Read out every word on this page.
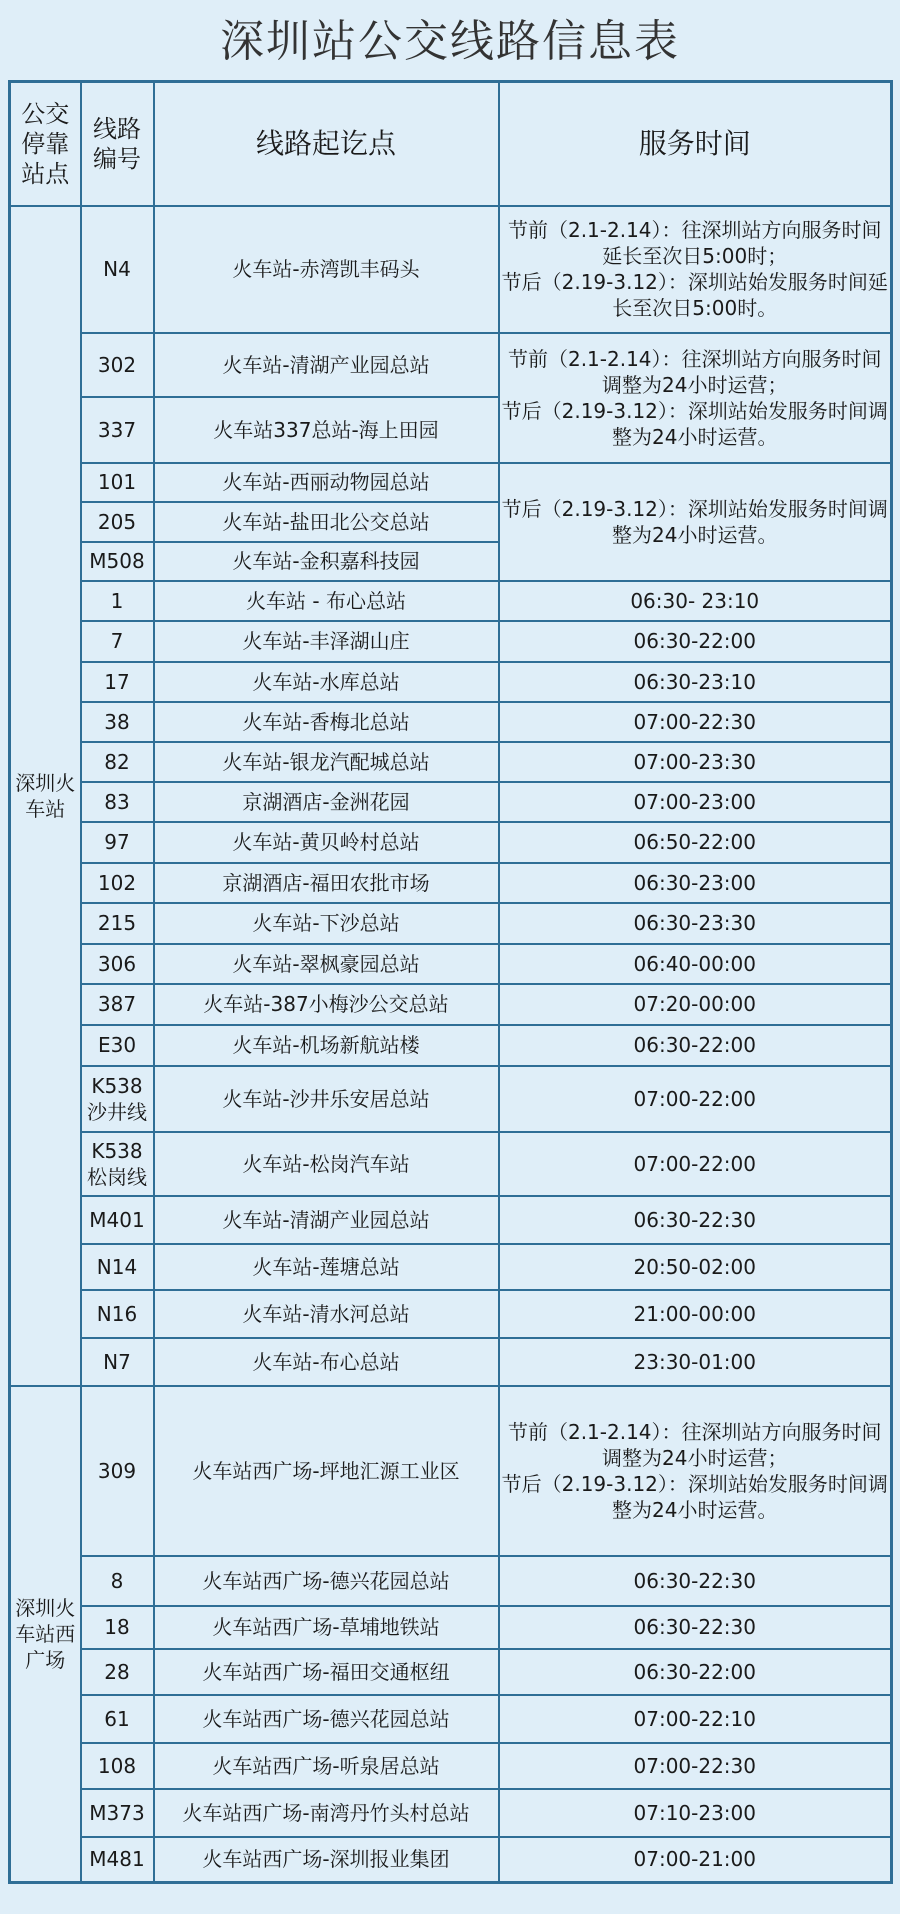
深圳站公交线路信息表
公交停靠站点	线路编号	线路起讫点	服务时间
深圳火车站	N4	火车站-赤湾凯丰码头	节前（2.1-2.14）：往深圳站方向服务时间延长至次日5:00时；
节后（2.19-3.12）：深圳站始发服务时间延长至次日5:00时。

	302	火车站-清湖产业园总站	节前（2.1-2.14）：往深圳站方向服务时间调整为24小时运营；
节后（2.19-3.12）：深圳站始发服务时间调整为24小时运营。

	337	火车站337总站-海上田园	
	101	火车站-西丽动物园总站	节后（2.19-3.12）：深圳站始发服务时间调整为24小时运营。

	205	火车站-盐田北公交总站	
	M508	火车站-金积嘉科技园	
	1	火车站 - 布心总站	06:30- 23:10
	7	火车站-丰泽湖山庄	06:30-22:00
	17	火车站-水库总站	06:30-23:10
	38	火车站-香梅北总站	07:00-22:30
	82	火车站-银龙汽配城总站	07:00-23:30
	83	京湖酒店-金洲花园	07:00-23:00
	97	火车站-黄贝岭村总站	06:50-22:00
	102	京湖酒店-福田农批市场	06:30-23:00
	215	火车站-下沙总站	06:30-23:30
	306	火车站-翠枫豪园总站	06:40-00:00
	387	火车站-387小梅沙公交总站	07:20-00:00
	E30	火车站-机场新航站楼	06:30-22:00
	K538沙井线	火车站-沙井乐安居总站	07:00-22:00
	K538松岗线	火车站-松岗汽车站	07:00-22:00
	M401	火车站-清湖产业园总站	06:30-22:30
	N14	火车站-莲塘总站	20:50-02:00
	N16	火车站-清水河总站	21:00-00:00
	N7	火车站-布心总站	23:30-01:00
深圳火车站西广场	309	火车站西广场-坪地汇源工业区	节前（2.1-2.14）：往深圳站方向服务时间调整为24小时运营；
节后（2.19-3.12）：深圳站始发服务时间调整为24小时运营。

	8	火车站西广场-德兴花园总站	06:30-22:30
	18	火车站西广场-草埔地铁站	06:30-22:30
	28	火车站西广场-福田交通枢纽	06:30-22:00
	61	火车站西广场-德兴花园总站	07:00-22:10
	108	火车站西广场-听泉居总站	07:00-22:30
	M373	火车站西广场-南湾丹竹头村总站	07:10-23:00
	M481	火车站西广场-深圳报业集团	07:00-21:00
